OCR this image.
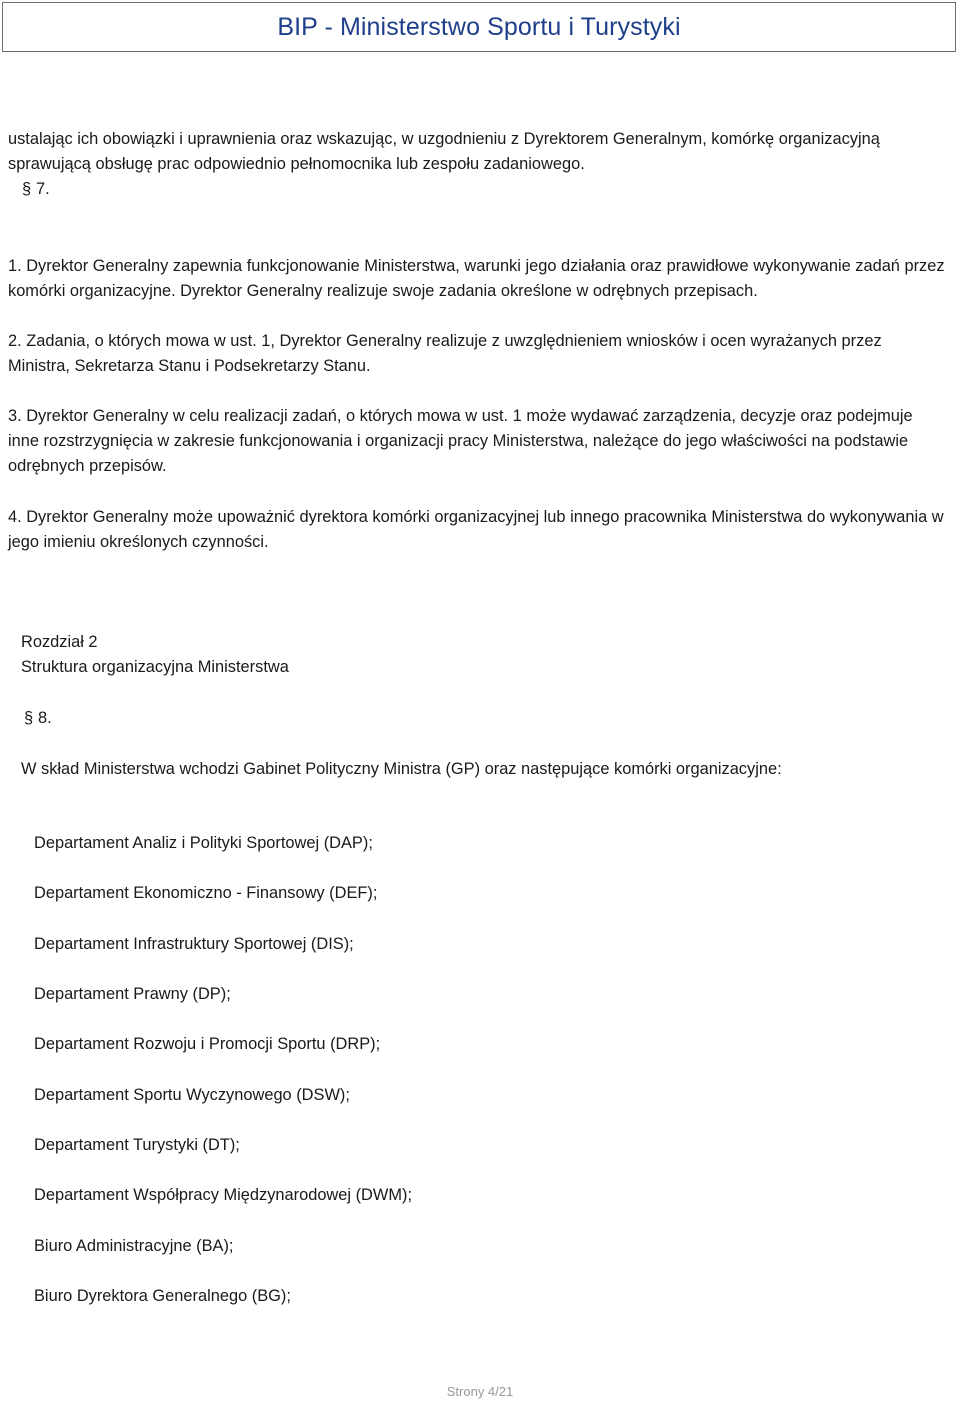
BIP - Ministerstwo Sportu i Turystyki

ustalając ich obowiązki i uprawnienia oraz wskazując, w uzgodnieniu z Dyrektorem Generalnym, komórkę organizacyjną sprawującą obsługę prac odpowiednio pełnomocnika lub zespołu zadaniowego.

§ 7.

1. Dyrektor Generalny zapewnia funkcjonowanie Ministerstwa, warunki jego działania oraz prawidłowe wykonywanie zadań przez komórki organizacyjne. Dyrektor Generalny realizuje swoje zadania określone w odrębnych przepisach.

2. Zadania, o których mowa w ust. 1, Dyrektor Generalny realizuje z uwzględnieniem wniosków i ocen wyrażanych przez Ministra, Sekretarza Stanu i Podsekretarzy Stanu.

3. Dyrektor Generalny w celu realizacji zadań, o których mowa w ust. 1 może wydawać zarządzenia, decyzje oraz podejmuje inne rozstrzygnięcia w zakresie funkcjonowania i organizacji pracy Ministerstwa, należące do jego właściwości na podstawie odrębnych przepisów.

4. Dyrektor Generalny może upoważnić dyrektora komórki organizacyjnej lub innego pracownika Ministerstwa do wykonywania w jego imieniu określonych czynności.

Rozdział 2
Struktura organizacyjna Ministerstwa
§ 8.
W skład Ministerstwa wchodzi Gabinet Polityczny Ministra (GP) oraz następujące komórki organizacyjne:
Departament Analiz i Polityki Sportowej (DAP);
Departament Ekonomiczno - Finansowy (DEF);
Departament Infrastruktury Sportowej (DIS);
Departament Prawny (DP);
Departament Rozwoju i Promocji Sportu (DRP);
Departament Sportu Wyczynowego (DSW);
Departament Turystyki (DT);
Departament Współpracy Międzynarodowej (DWM);
Biuro Administracyjne (BA);
Biuro Dyrektora Generalnego (BG);
Strony 4/21
